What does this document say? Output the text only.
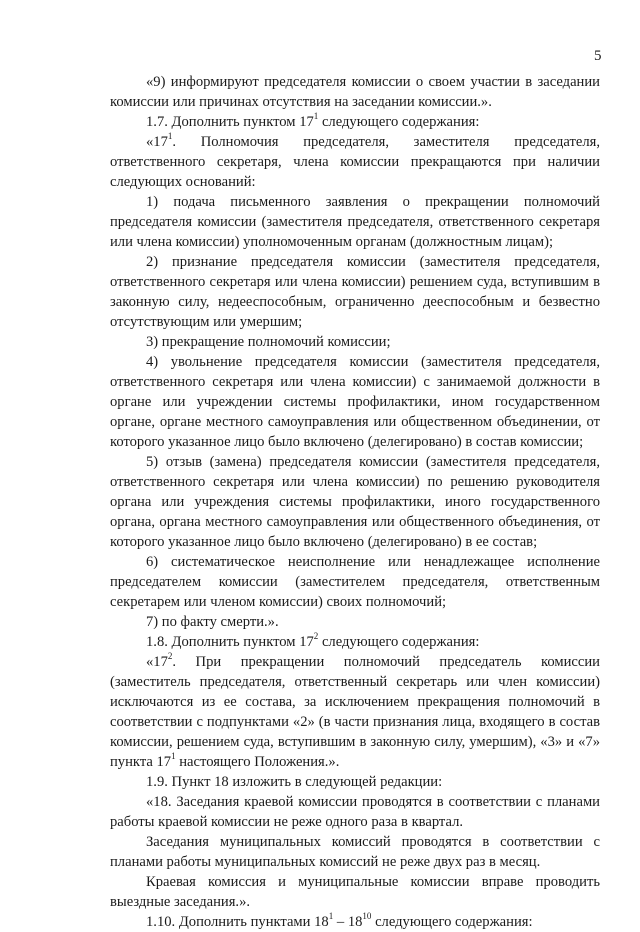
5

«9) информируют председателя комиссии о своем участии в заседании комиссии или причинах отсутствия на заседании комиссии.».

1.7. Дополнить пунктом $17^1$ следующего содержания:

«$17^1$. Полномочия председателя, заместителя председателя, ответственного секретаря, члена комиссии прекращаются при наличии следующих оснований:

1) подача письменного заявления о прекращении полномочий председателя комиссии (заместителя председателя, ответственного секретаря или члена комиссии) уполномоченным органам (должностным лицам);

2) признание председателя комиссии (заместителя председателя, ответственного секретаря или члена комиссии) решением суда, вступившим в законную силу, недееспособным, ограниченно дееспособным и безвестно отсутствующим или умершим;

3) прекращение полномочий комиссии;

4) увольнение председателя комиссии (заместителя председателя, ответственного секретаря или члена комиссии) с занимаемой должности в органе или учреждении системы профилактики, ином государственном органе, органе местного самоуправления или общественном объединении, от которого указанное лицо было включено (делегировано) в состав комиссии;

5) отзыв (замена) председателя комиссии (заместителя председателя, ответственного секретаря или члена комиссии) по решению руководителя органа или учреждения системы профилактики, иного государственного органа, органа местного самоуправления или общественного объединения, от которого указанное лицо было включено (делегировано) в ее состав;

6) систематическое неисполнение или ненадлежащее исполнение председателем комиссии (заместителем председателя, ответственным секретарем или членом комиссии) своих полномочий;

7) по факту смерти.».

1.8. Дополнить пунктом $17^2$ следующего содержания:

«$17^2$. При прекращении полномочий председатель комиссии (заместитель председателя, ответственный секретарь или член комиссии) исключаются из ее состава, за исключением прекращения полномочий в соответствии с подпунктами «2» (в части признания лица, входящего в состав комиссии, решением суда, вступившим в законную силу, умершим), «3» и «7» пункта $17^1$ настоящего Положения.».

1.9. Пункт 18 изложить в следующей редакции:

«18. Заседания краевой комиссии проводятся в соответствии с планами работы краевой комиссии не реже одного раза в квартал.

Заседания муниципальных комиссий проводятся в соответствии с планами работы муниципальных комиссий не реже двух раз в месяц.

Краевая комиссия и муниципальные комиссии вправе проводить выездные заседания.».

1.10. Дополнить пунктами $18^1 - 18^{10}$ следующего содержания:
